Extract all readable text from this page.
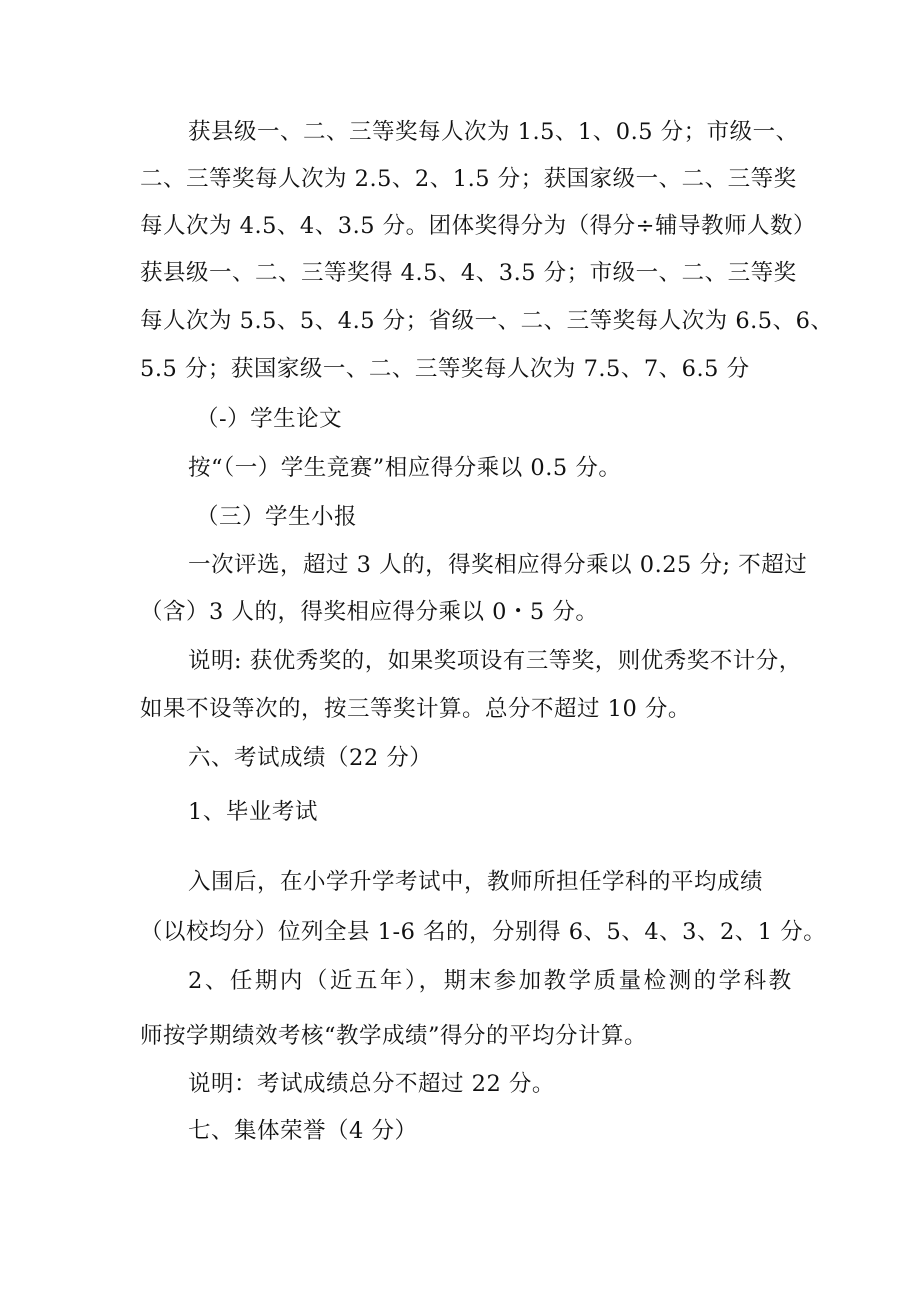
获县级一、二、三等奖每人次为 1.5、1、0.5 分；市级一、
二、三等奖每人次为 2.5、2、1.5 分；获国家级一、二、三等奖
每人次为 4.5、4、3.5 分。团体奖得分为（得分÷辅导教师人数）
获县级一、二、三等奖得 4.5、4、3.5 分；市级一、二、三等奖
每人次为 5.5、5、4.5 分；省级一、二、三等奖每人次为 6.5、6、
5.5 分；获国家级一、二、三等奖每人次为 7.5、7、6.5 分
（-）学生论文
按“（一）学生竞赛”相应得分乘以 0.5 分。
（三）学生小报
一次评选，超过 3 人的，得奖相应得分乘以 0.25 分; 不超过
（含）3 人的，得奖相应得分乘以 0・5 分。
说明: 获优秀奖的，如果奖项设有三等奖，则优秀奖不计分，
如果不设等次的，按三等奖计算。总分不超过 10 分。
六、考试成绩（22 分）
1、毕业考试
入围后，在小学升学考试中，教师所担任学科的平均成绩
（以校均分）位列全县 1-6 名的，分别得 6、5、4、3、2、1 分。
2、任期内（近五年），期末参加教学质量检测的学科教
师按学期绩效考核“教学成绩”得分的平均分计算。
说明：考试成绩总分不超过 22 分。
七、集体荣誉（4 分）
